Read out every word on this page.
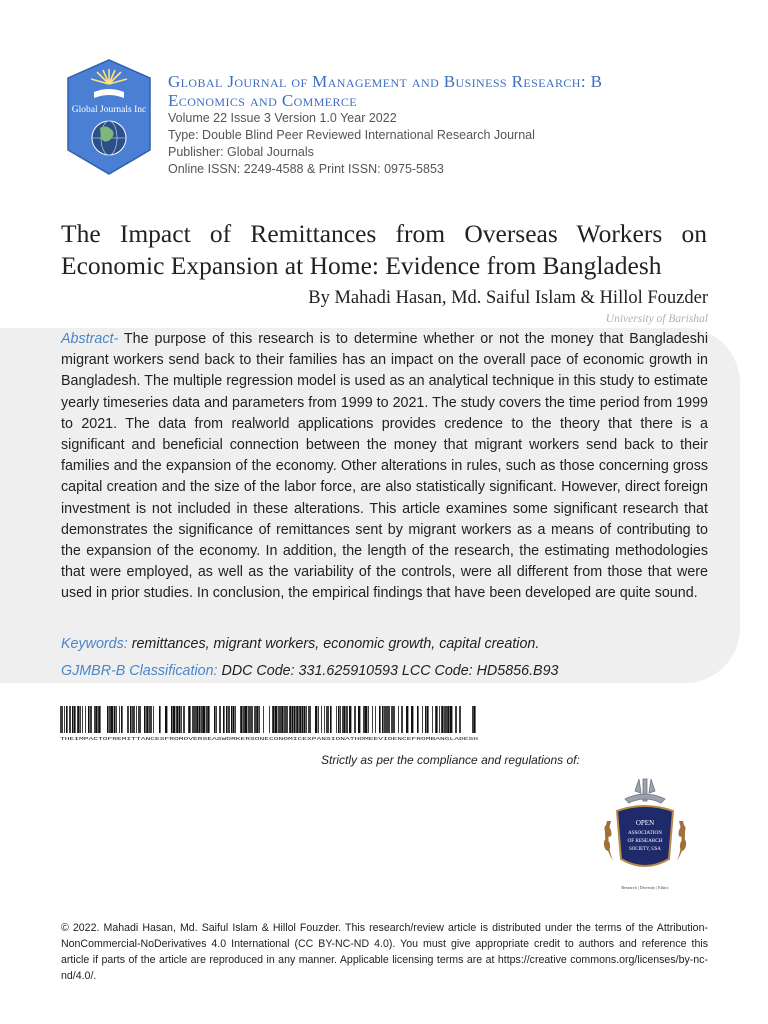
Global Journals Inc
Global Journal of Management and Business Research: B
Economics and Commerce
Volume 22 Issue 3 Version 1.0 Year 2022
Type: Double Blind Peer Reviewed International Research Journal
Publisher: Global Journals
Online ISSN: 2249-4588 & Print ISSN: 0975-5853
The Impact of Remittances from Overseas Workers on Economic Expansion at Home: Evidence from Bangladesh
By Mahadi Hasan, Md. Saiful Islam & Hillol Fouzder
University of Barishal
Abstract- The purpose of this research is to determine whether or not the money that Bangladeshi migrant workers send back to their families has an impact on the overall pace of economic growth in Bangladesh. The multiple regression model is used as an analytical technique in this study to estimate yearly timeseries data and parameters from 1999 to 2021. The study covers the time period from 1999 to 2021. The data from realworld applications provides credence to the theory that there is a significant and beneficial connection between the money that migrant workers send back to their families and the expansion of the economy. Other alterations in rules, such as those concerning gross capital creation and the size of the labor force, are also statistically significant. However, direct foreign investment is not included in these alterations. This article examines some significant research that demonstrates the significance of remittances sent by migrant workers as a means of contributing to the expansion of the economy. In addition, the length of the research, the estimating methodologies that were employed, as well as the variability of the controls, were all different from those that were used in prior studies. In conclusion, the empirical findings that have been developed are quite sound.
Keywords: remittances, migrant workers, economic growth, capital creation.
GJMBR-B Classification: DDC Code: 331.625910593 LCC Code: HD5856.B93
THEIMPACTOFREMITTANCESFROMOVERSEASWORKERSONECONOMICEXPANSIONATHOMEEVIDENCEFROMBANGLADESH
Strictly as per the compliance and regulations of:
OPEN
ASSOCIATION
OF RESEARCH
SOCIETY, USA
Research | Diversity | Ethics
© 2022. Mahadi Hasan, Md. Saiful Islam & Hillol Fouzder. This research/review article is distributed under the terms of the Attribution-NonCommercial-NoDerivatives 4.0 International (CC BY-NC-ND 4.0). You must give appropriate credit to authors and reference this article if parts of the article are reproduced in any manner. Applicable licensing terms are at https://creative commons.org/licenses/by-nc-nd/4.0/.
